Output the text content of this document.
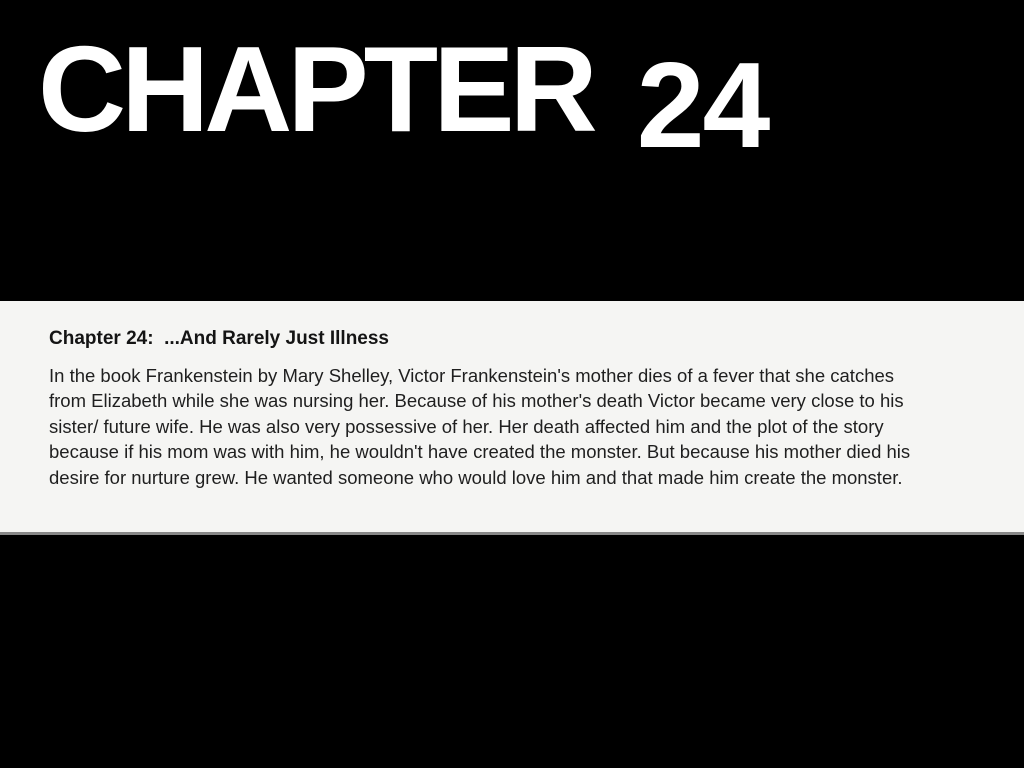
CHAPTER 24

Chapter 24:  ...And Rarely Just Illness

In the book Frankenstein by Mary Shelley, Victor Frankenstein's mother dies of a fever that she catches from Elizabeth while she was nursing her. Because of his mother's death Victor became very close to his sister/ future wife. He was also very possessive of her. Her death affected him and the plot of the story because if his mom was with him, he wouldn't have created the monster. But because his mother died his desire for nurture grew. He wanted someone who would love him and that made him create the monster.
